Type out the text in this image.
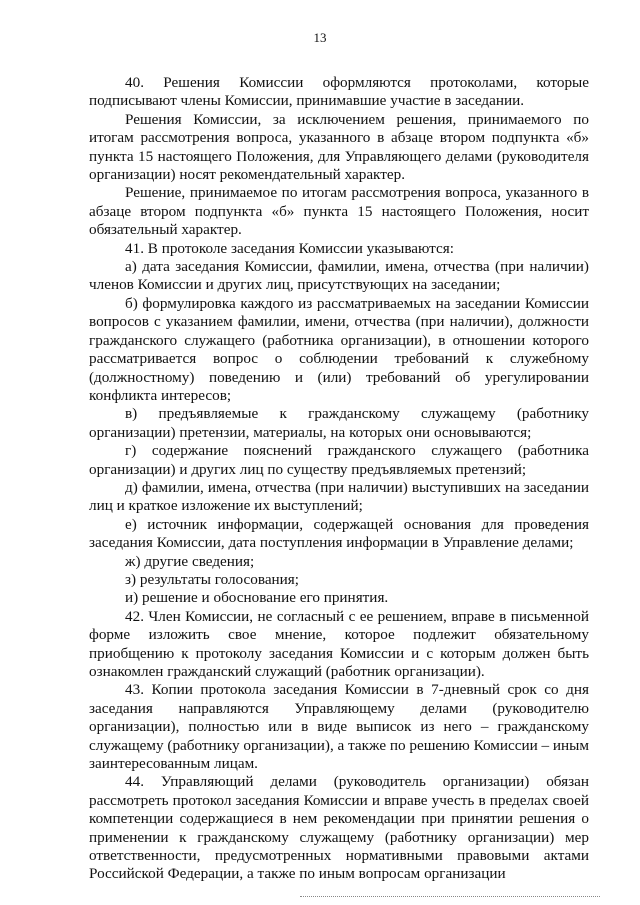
13

40. Решения Комиссии оформляются протоколами, которые подписывают члены Комиссии, принимавшие участие в заседании.

Решения Комиссии, за исключением решения, принимаемого по итогам рассмотрения вопроса, указанного в абзаце втором подпункта «б» пункта 15 настоящего Положения, для Управляющего делами (руководителя организации) носят рекомендательный характер.

Решение, принимаемое по итогам рассмотрения вопроса, указанного в абзаце втором подпункта «б» пункта 15 настоящего Положения, носит обязательный характер.

41. В протоколе заседания Комиссии указываются:

а) дата заседания Комиссии, фамилии, имена, отчества (при наличии) членов Комиссии и других лиц, присутствующих на заседании;

б) формулировка каждого из рассматриваемых на заседании Комиссии вопросов с указанием фамилии, имени, отчества (при наличии), должности гражданского служащего (работника организации), в отношении которого рассматривается вопрос о соблюдении требований к служебному (должностному) поведению и (или) требований об урегулировании конфликта интересов;

в) предъявляемые к гражданскому служащему (работнику организации) претензии, материалы, на которых они основываются;

г) содержание пояснений гражданского служащего (работника организации) и других лиц по существу предъявляемых претензий;

д) фамилии, имена, отчества (при наличии) выступивших на заседании лиц и краткое изложение их выступлений;

е) источник информации, содержащей основания для проведения заседания Комиссии, дата поступления информации в Управление делами;

ж) другие сведения;

з) результаты голосования;

и) решение и обоснование его принятия.

42. Член Комиссии, не согласный с ее решением, вправе в письменной форме изложить свое мнение, которое подлежит обязательному приобщению к протоколу заседания Комиссии и с которым должен быть ознакомлен гражданский служащий (работник организации).

43. Копии протокола заседания Комиссии в 7-дневный срок со дня заседания направляются Управляющему делами (руководителю организации), полностью или в виде выписок из него – гражданскому служащему (работнику организации), а также по решению Комиссии – иным заинтересованным лицам.

44. Управляющий делами (руководитель организации) обязан рассмотреть протокол заседания Комиссии и вправе учесть в пределах своей компетенции содержащиеся в нем рекомендации при принятии решения о применении к гражданскому служащему (работнику организации) мер ответственности, предусмотренных нормативными правовыми актами Российской Федерации, а также по иным вопросам организации
